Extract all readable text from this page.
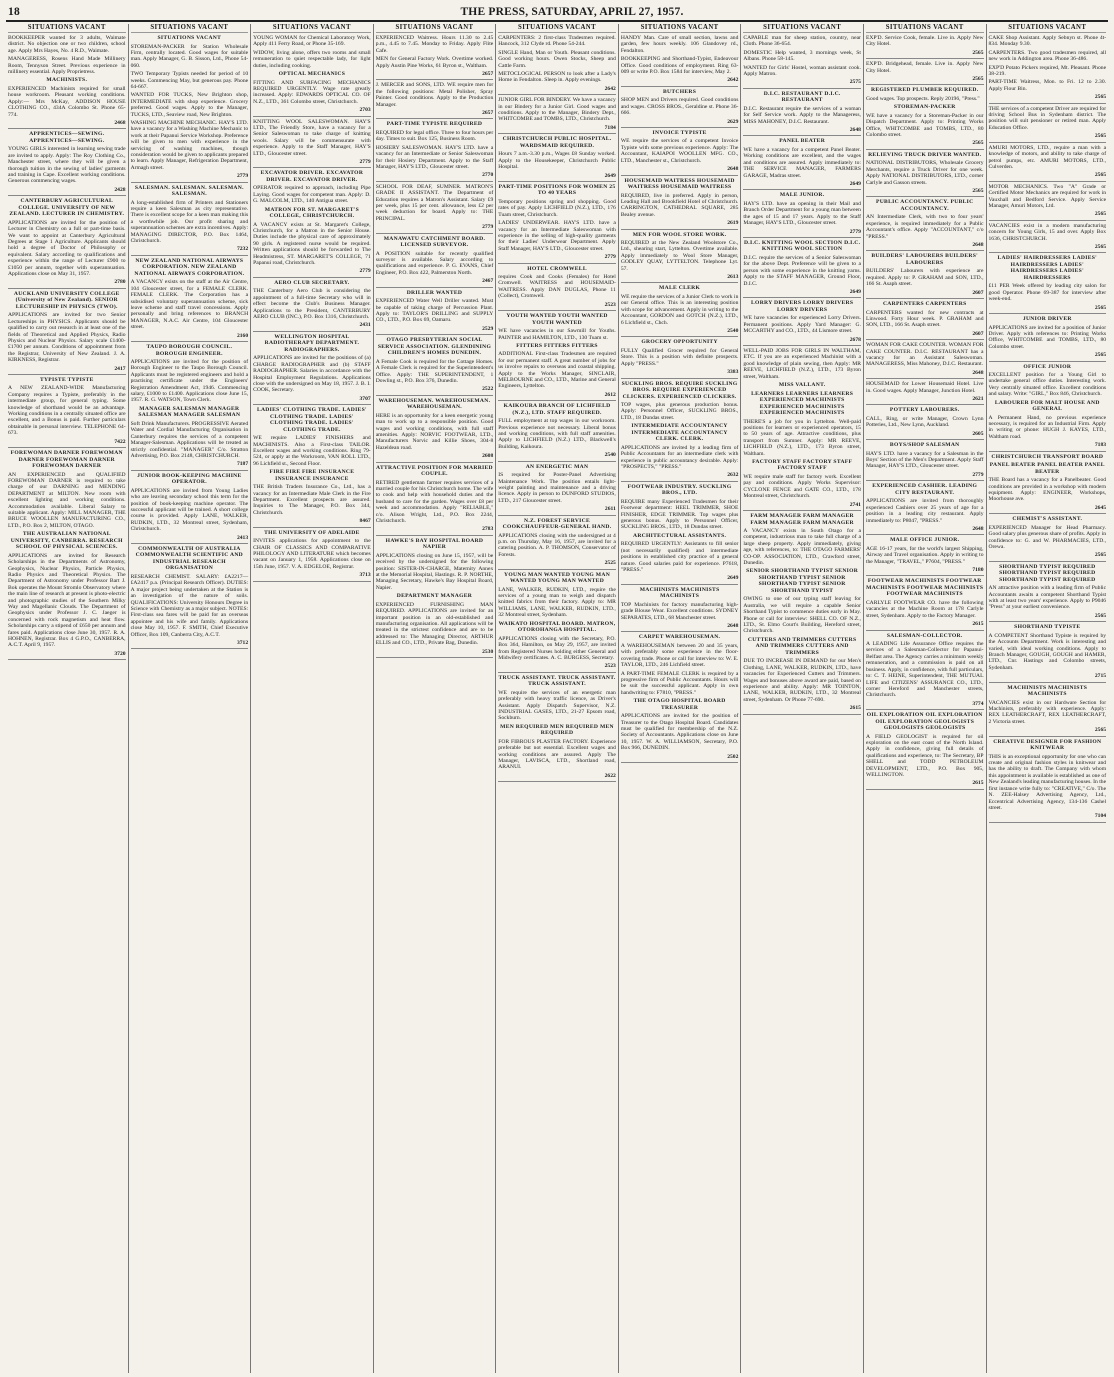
18	THE PRESS, SATURDAY, APRIL 27, 1957.
SITUATIONS VACANT
BOOKKEEPER wanted for 3 adults, Waimate district. No objection one or two children, school age. Apply Mrs Hayes, No. 4 R.D., Waimate.
MANAGERESS, Rosens Hand Made Millinery Room, Tennyson Street. Previous experience in millinery essential. Apply Proprietress.
MACHINISTS.
EXPERIENCED Machinists required for small house workroom. Pleasant working conditions. Apply:— Mrs McKay, ADDISON HOUSE CLOTHING CO., 434A Colombo St. Phone 65-774.
2468
APPRENTICES—SEWING. APPRENTICES—SEWING.
YOUNG GIRLS interested in learning sewing trade are invited to apply. Apply: The Roy Clothing Co., Manchester street, where they will be given a thorough tuition in the sewing of ladies' garments and training in Cape. Excellent working conditions. Generous commencing wages.
2428
CANTERBURY AGRICULTURAL COLLEGE. UNIVERSITY OF NEW ZEALAND. LECTURER IN CHEMISTRY.
APPLICATIONS are invited for the position of Lecturer in Chemistry on a full or part-time basis. We want to appoint at Canterbury Agricultural Degrees at Stage 1 Agriculture. Applicants should hold a degree of Doctor of Philosophy or equivalent. Salary according to qualifications and experience within the range of Lecturer £900 to £1050 per annum, together with superannuation. Applications close on May 31, 1957.
2780
AUCKLAND UNIVERSITY COLLEGE (University of New Zealand). SENIOR LECTURESHIP IN PHYSICS (TWO).
APPLICATIONS are invited for two Senior Lectureships in PHYSICS. Applicants should be qualified to carry out research in at least one of the fields of Theoretical and Applied Physics, Radio Physics and Nuclear Physics. Salary scale £1400-£1700 per annum. Conditions of appointment from the Registrar, University of New Zealand. J. A. KIRKNESS, Registrar.
2417
TYPISTE TYPISTE
A NEW ZEALAND-WIDE Manufacturing Company requires a Typiste, preferably in the intermediate group, for general typing. Some knowledge of shorthand would be an advantage. Working conditions in a centrally situated office are excellent, and a Bonus is paid. Further particulars obtainable in personal interview. TELEPHONE 64-673.
7422
FOREWOMAN DARNER FOREWOMAN DARNER FOREWOMAN DARNER FOREWOMAN DARNER
AN EXPERIENCED and QUALIFIED FOREWOMAN DARNER is required to take charge of our DARNING and MENDING DEPARTMENT at MILTON. New room with excellent lighting and working conditions. Accommodation available. Liberal Salary to suitable applicant. Apply: MILL MANAGER, THE BRUCE WOOLLEN MANUFACTURING CO., LTD., P.O. Box 2, MILTON, OTAGO.
THE AUSTRALIAN NATIONAL UNIVERSITY, CANBERRA. RESEARCH SCHOOL OF PHYSICAL SCIENCES.
APPLICATIONS are invited for Research Scholarships in the Departments of Astronomy, Geophysics, Nuclear Physics, Particle Physics, Radio Physics and Theoretical Physics. The Department of Astronomy under Professor Bart J. Bok operates the Mount Stromlo Observatory where the main line of research at present is photo-electric and photographic studies of the Southern Milky Way and Magellanic Clouds. The Department of Geophysics under Professor J. C. Jaeger is concerned with rock magnetism and heat flow. Scholarships carry a stipend of £650 per annum and fares paid. Applications close June 30, 1957. R. A. HOHNEN, Registrar. Box 4 G.P.O., CANBERRA, A.C.T. April 9, 1957.
3720
SITUATIONS VACANT
SITUATIONS VACANT
STOREMAN-PACKER for Station Wholesale Firm, centrally located. Good wages for suitable man. Apply Manager, G. B. Sisson, Ltd., Phone 54-060.
TWO Temporary Typists needed for period of 10 weeks. Commencing May, but generous pay. Phone 64-667.
WANTED FOR TUCKS, New Brighton shop, INTERMEDIATE with shop experience. Grocery preferred. Good wages. Apply to the Manager, TUCKS, LTD., Seaview road, New Brighton.
WASHING MACHINE MECHANIC. HAY'S LTD. have a vacancy for a Washing Machine Mechanic to work at their Papanui Service Workshop. Preference will be given to men with experience in the servicing of washing machines, though consideration would be given to applicants prepared to learn. Apply Manager, Refrigeration Department, Armagh street.
2779
SALESMAN. SALESMAN. SALESMAN. SALESMAN.
A long-established firm of Printers and Stationers require a keen Salesman as city representative. There is excellent scope for a keen man making this a worthwhile job. Our profit sharing and superannuation schemes are extra incentives. Apply: MANAGING DIRECTOR, P.O. Box 1464, Christchurch.
7232
NEW ZEALAND NATIONAL AIRWAYS CORPORATION. NEW ZEALAND NATIONAL AIRWAYS CORPORATION.
A VACANCY exists on the staff at the Air Centre, 104 Gloucester street, for a FEMALE CLERK. FEMALE CLERK. The Corporation has a subsidised voluntary superannuation scheme, sick leave scheme and staff travel concessions. Apply personally and bring references to BRANCH MANAGER, N.A.C. Air Centre, 104 Gloucester street.
2160
TAUPO BOROUGH COUNCIL. BOROUGH ENGINEER.
APPLICATIONS are invited for the position of Borough Engineer to the Taupo Borough Council. Applicants must be registered engineers and hold a practising certificate under the Engineers' Registration Amendment Act, 1946. Commencing salary, £1000 to £1400. Applications close June 15, 1957. R. G. WATSON, Town Clerk.
MANAGER SALESMAN MANAGER SALESMAN MANAGER SALESMAN
Soft Drink Manufacturers. PROGRESSIVE Aerated Water and Cordial Manufacturing Organisation in Canterbury requires the services of a competent Manager-Salesman. Applications will be treated as strictly confidential. "MANAGER" C/o. Stratton Advertising, P.O. Box 2148, CHRISTCHURCH.
7187
JUNIOR BOOK-KEEPING MACHINE OPERATOR.
APPLICATIONS are invited from Young Ladies who are leaving secondary school this term for the position of book-keeping machine operator. The successful applicant will be trained. A short college course is provided. Apply LANE, WALKER, RUDKIN, LTD., 32 Montreal street, Sydenham, Christchurch.
2413
COMMONWEALTH OF AUSTRALIA COMMONWEALTH SCIENTIFIC AND INDUSTRIAL RESEARCH ORGANISATION
RESEARCH CHEMIST. SALARY: £A2217—£A2417 p.a. (Principal Research Officer). DUTIES: A major project being undertaken at the Station is an investigation of the nature of soils. QUALIFICATIONS: University Honours Degree in Science with Chemistry as a major subject. NOTES: First-class sea fares will be paid for an overseas appointee and his wife and family. Applications close May 10, 1957. F. SMITH, Chief Executive Officer, Box 109, Canberra City, A.C.T.
3712
SITUATIONS VACANT
YOUNG WOMAN for Chemical Laboratory Work, Apply 411 Ferry Road, or Phone 35-169.
WIDOW, living alone, offers two rooms and small remuneration to quiet respectable lady, for light duties, including cooking.
OPTICAL MECHANICS
FITTING AND SURFACING MECHANICS REQUIRED URGENTLY. Wage rate greatly increased. Apply: EDWARDS OPTICAL CO. OF N.Z., LTD., 361 Colombo street, Christchurch.
2703
KNITTING WOOL SALESWOMAN. HAY'S LTD., The Friendly Store, have a vacancy for a Senior Saleswoman to take charge of knitting wools. Salary will be commensurate with experience. Apply to the Staff Manager, HAY'S LTD., Gloucester street.
2779
EXCAVATOR DRIVER. EXCAVATOR DRIVER. EXCAVATOR DRIVER.
OPERATOR required to approach, including Pipe Laying. Good wages for competent man. Apply: D. G. MALCOLM, LTD., 140 Antigua street.
MATRON FOR ST. MARGARET'S COLLEGE, CHRISTCHURCH.
A VACANCY exists at St. Margaret's College, Christchurch, for a Matron in the Senior House. Duties include the physical care of approximately 90 girls. A registered nurse would be required. Written applications should be forwarded to The Headmistress, ST. MARGARET'S COLLEGE, 71 Papanui road, Christchurch.
2779
AERO CLUB SECRETARY.
THE Canterbury Aero Club is considering the appointment of a full-time Secretary who will in effect become the Club's Business Manager. Applications to the President, CANTERBURY AERO CLUB (INC.), P.O. Box 1316, Christchurch.
2431
WELLINGTON HOSPITAL RADIOTHERAPY DEPARTMENT. RADIOGRAPHERS.
APPLICATIONS are invited for the positions of (a) CHARGE RADIOGRAPHER and (b) STAFF RADIOGRAPHER. Salaries in accordance with the Hospital Employment Regulations. Applications close with the undersigned on May 18, 1957. J. B. I. COOK, Secretary.
3707
LADIES' CLOTHING TRADE. LADIES' CLOTHING TRADE. LADIES' CLOTHING TRADE. LADIES' CLOTHING TRADE.
WE require LADIES' FINISHERS and MACHINISTS. Also a First-class TAILOR. Excellent wages and working conditions. Ring 79-524, or apply at the Workroom, VAN ROLL LTD., 96 Lichfield st., Second Floor.
FIRE FIRE FIRE INSURANCE INSURANCE INSURANCE
THE British Traders Insurance Co., Ltd., has a vacancy for an Intermediate Male Clerk in the Fire Department. Excellent prospects are assured. Inquiries to The Manager, P.O. Box 344, Christchurch.
8467
THE UNIVERSITY OF ADELAIDE
INVITES applications for appointment to the CHAIR OF CLASSICS AND COMPARATIVE PHILOLOGY AND LITERATURE which becomes vacant on January 1, 1958. Applications close on 15th June, 1957. V. A. EDGELOE, Registrar.
3713
SITUATIONS VACANT
EXPERIENCED Waitress. Hours 11.30 to 2.45 p.m., 4.45 to 7.45. Monday to Friday. Apply Flite Cafe.
MEN for General Factory Work. Overtime worked. Apply Austin Pine Works, 61 Byron st., Waltham.
2657
J. MERCER and SONS, LTD. WE require men for the following positions: Metal Polisher, Spray Painter. Good conditions. Apply to the Production Manager.
2657
PART-TIME TYPISTE REQUIRED
REQUIRED for legal office. Three to four hours per day. Times to suit. Box 125, Business Room.
HOSIERY SALESWOMAN. HAY'S LTD. have a vacancy for an Intermediate or Senior Saleswoman for their Hosiery Department. Apply to the Staff Manager, HAY'S LTD., Gloucester street.
2770
SCHOOL FOR DEAF, SUMNER. MATRON'S GRADE II ASSISTANT. The Department of Education requires a Matron's Assistant. Salary £9 per week, plus 15 per cent. allowance, less £2 per week deduction for board. Apply to: THE PRINCIPAL.
2779
MANAWATU CATCHMENT BOARD. LICENSED SURVEYOR.
A POSITION suitable for recently qualified surveyor is available. Salary according to qualifications and experience. P. G. EVANS, Chief Engineer, P.O. Box 422, Palmerston North.
2467
DRILLER WANTED
EXPERIENCED Water Well Driller wanted. Must be capable of taking charge of Percussion Plant. Apply to: TAYLOR'S DRILLING and SUPPLY CO., LTD., P.O. Box 69, Oamaru.
2529
OTAGO PRESBYTERIAN SOCIAL SERVICE ASSOCIATION. GLENDINING CHILDREN'S HOMES DUNEDIN.
A Female Cook is required for the Cottage Homes. A Female Clerk is required for the Superintendent's Office. Apply: THE SUPERINTENDENT, 1 Dowling st., P.O. Box 376, Dunedin.
2522
WAREHOUSEMAN. WAREHOUSEMAN. WAREHOUSEMAN.
HERE is an opportunity for a keen energetic young man to work up to a responsible position. Good wages and working conditions, with full staff amenities. Apply: NORVIC FOOTWEAR, LTD., Manufacturers Norvic and Killie Shoes, 304-8 Hazeldean road.
2608
ATTRACTIVE POSITION FOR MARRIED COUPLE.
RETIRED gentleman farmer requires services of a married couple for his Christchurch home. The wife to cook and help with household duties and the husband to care for the garden. Wages over £8 per week and accommodation. Apply "RELIABLE," c/o. Alison Wright, Ltd., P.O. Box 2244, Christchurch.
2783
HAWKE'S BAY HOSPITAL BOARD NAPIER
APPLICATIONS closing on June 15, 1957, will be received by the undersigned for the following position: SISTER-IN-CHARGE, Maternity Annex at the Memorial Hospital, Hastings. R. P. NORTHE, Managing Secretary, Hawke's Bay Hospital Board, Napier.
DEPARTMENT MANAGER
EXPERIENCED FURNISHING MAN REQUIRED. APPLICATIONS are invited for an important position in an old-established and manufacturing organisation. All applications will be treated in the strictest confidence and are to be addressed to: The Managing Director, ARTHUR ELLIS and CO., LTD., Private Bag, Dunedin.
2530
SITUATIONS VACANT
CARPENTERS: 2 first-class Tradesmen required. Hancock, 312 Clyde rd. Phone 54-244.
SINGLE Hand, Man or Youth. Pleasant conditions. Good working hours. Owen Stocks, Sheep and Cattle Farm.
METOCLOGICAL PERSON to look after a Lady's Home in Fendalton. Sleep in. Apply evenings.
2642
JUNIOR GIRL FOR BINDERY. We have a vacancy in our Bindery for a Junior Girl. Good wages and conditions. Apply to the Manager, Bindery Dept., WHITCOMBE and TOMBS, LTD., Christchurch.
7184
CHRISTCHURCH PUBLIC HOSPITAL. WARDSMAID REQUIRED.
Hours 7 a.m.-3.30 p.m., Wages £8 Sunday worked. Apply to the Housekeeper, Christchurch Public Hospital.
2649
PART-TIME POSITIONS FOR WOMEN 25 TO 40 YEARS
Temporary positions spring and shopping. Good rates of pay. Apply LICHFIELD (N.Z.), LTD., 176 Tuam street, Christchurch.
LADIES' UNDERWEAR. HAY'S LTD. have a vacancy for an Intermediate Saleswoman with experience in the selling of high-quality garments for their Ladies' Underwear Department. Apply Staff Manager, HAY'S LTD., Gloucester street.
2779
HOTEL CROMWELL
requires Cook and Cooks (Females) for Hotel Cromwell. WAITRESS and HOUSEMAID-WAITRESS. Apply DAN DUGLAS, Phone 11 (Collect), Cromwell.
2523
YOUTH WANTED YOUTH WANTED YOUTH WANTED
WE have vacancies in our Sawmill for Youths. PAINTER and HAMILTON, LTD., 130 Tuam st.
FITTERS FITTERS FITTERS
ADDITIONAL First-class Tradesmen are required for our permanent staff. A great number of jobs for us involve repairs to overseas and coastal shipping. Apply to the Works Manager, SINCLAIR, MELBOURNE and CO., LTD., Marine and General Engineers, Lyttelton.
2612
KAIKOURA BRANCH OF LICHFIELD (N.Z.), LTD. STAFF REQUIRED.
FULL employment at top wages in our workroom. Previous experience not necessary. Liberal bonus and working conditions, with full staff amenities. Apply to LICHFIELD (N.Z.) LTD., Blackwell's Building, Kaikoura.
2540
AN ENERGETIC MAN
IS required for Poster-Panel Advertising Maintenance Work. The position entails light-weight painting and maintenance and a driving licence. Apply in person to DUNFORD STUDIOS, LTD., 217 Gloucester street.
2611
N.Z. FOREST SERVICE COOKCHAUFFEUR-GENERAL HAND.
APPLICATIONS closing with the undersigned at 4 p.m. on Thursday, May 16, 1957, are invited for a catering position. A. P. THOMSON, Conservator of Forests.
2525
YOUNG MAN WANTED YOUNG MAN WANTED YOUNG MAN WANTED
LANE, WALKER, RUDKIN, LTD., require the services of a young man to weigh and dispatch knitted fabrics from their factory. Apply to: MR WILLIAMS, LANE, WALKER, RUDKIN, LTD., 32 Montreal street, Sydenham.
WAIKATO HOSPITAL BOARD. MATRON, OTOROHANGA HOSPITAL.
APPLICATIONS closing with the Secretary, P.O. Box 364, Hamilton, on May 29, 1957, are invited from Registered Nurses holding either General and Midwifery certificates. A. C. BURGESS, Secretary.
2523
TRUCK ASSISTANT. TRUCK ASSISTANT. TRUCK ASSISTANT.
WE require the services of an energetic man preferably with heavy traffic licence, as Driver's Assistant. Apply Dispatch Supervisor, N.Z. INDUSTRIAL GASES, LTD., 21-27 Epsom road, Sockburn.
MEN REQUIRED MEN REQUIRED MEN REQUIRED
FOR FIBROUS PLASTER FACTORY. Experience preferable but not essential. Excellent wages and working conditions are assured. Apply The Manager, LAVISCA, LTD., Shortland road, ARANUI.
2622
SITUATIONS VACANT
HANDY Man. Care of small section, lawns and garden, few hours weekly. 106 Glandovey rd., Fendalton.
BOOKKEEPING and Shorthand-Typist, Endeavour Office. Good conditions of employment. Ring 63-009 or write P.O. Box 1584 for interview, May 2.
2642
BUTCHERS
SHOP MEN and Drivers required. Good conditions and wages. CROSS BROS., Geraldine st. Phone 36-666.
2629
INVOICE TYPISTE
WE require the services of a competent Invoice Typiste with some previous experience. Apply: The Accountant, KAIAPOI WOOLLEN MFG. CO., LTD., Manchester st., Christchurch.
2648
HOUSEMAID WAITRESS HOUSEMAID WAITRESS HOUSEMAID WAITRESS
REQUIRED, live in preferred. Apply in person, Leading Hall and Brookfield Hotel of Christchurch. CARRINGTON, CATHEDRAL SQUARE, 285 Bealey avenue.
2619
MEN FOR WOOL STORE WORK.
REQUIRED at the New Zealand Woolstore Co., Ltd., shearing start, Lyttelton. Overtime available. Apply immediately to Wool Store Manager, GODLEY QUAY, LYTTELTON. Telephone Lyt. 57.
2613
MALE CLERK
WE require the services of a Junior Clerk to work in our General office. This is an interesting position with scope for advancement. Apply in writing to the Accountant, GORDON and GOTCH (N.Z.), LTD., 6 Lichfield st., Chch.
2540
GROCERY OPPORTUNITY
FULLY Qualified Grocer required for General Store. This is a position with definite prospects. Apply "PRESS."
3383
SUCKLING BROS. REQUIRE SUCKLING BROS. REQUIRE EXPERIENCED CLICKERS. EXPERIENCED CLICKERS.
TOP wages, plus generous production bonus. Apply: Personnel Officer, SUCKLING BROS., LTD., 18 Dundas street.
INTERMEDIATE ACCOUNTANCY INTERMEDIATE ACCOUNTANCY CLERK. CLERK.
APPLICATIONS are invited by a leading firm of Public Accountants for an intermediate clerk with experience in public accountancy desirable. Apply: "PROSPECTS," "PRESS."
2632
FOOTWEAR INDUSTRY. SUCKLING BROS., LTD.
REQUIRE many Experienced Tradesmen for their Footwear department: HEEL TRIMMER, SHOE FINISHER, EDGE TRIMMER. Top wages plus generous bonus. Apply to Personnel Officer, SUCKLING BROS., LTD., 18 Dundas street.
ARCHITECTURAL ASSISTANTS.
REQUIRED URGENTLY: Assistants to fill senior (not necessarily qualified) and intermediate positions in established city practice of a general nature. Good salaries paid for experience. P7618, "PRESS."
2649
MACHINISTS MACHINISTS MACHINISTS
TOP Machinists for factory manufacturing high-grade Blouse Wear. Excellent conditions. SYDNEY SEPARATES, LTD., 68 Manchester street.
2648
CARPET WAREHOUSEMAN.
A WAREHOUSEMAN between 20 and 35 years, with preferably some experience in the floor-covering trade. Phone or call for interview to: W. E. TAYLOR, LTD., 246 Lichfield street.
A PART-TIME FEMALE CLERK is required by a progressive firm of Public Accountants. Hours will be suit the successful applicant. Apply in own handwriting to: F7810, "PRESS."
THE OTAGO HOSPITAL BOARD TREASURER
APPLICATIONS are invited for the position of Treasurer to the Otago Hospital Board. Candidates must be qualified for membership of the N.Z. Society of Accountants. Applications close on June 10, 1957. W. A. WILLIAMSON, Secretary, P.O. Box 966, DUNEDIN.
2502
SITUATIONS VACANT
CAPABLE man for sheep station, country, near Cloth. Phone 36-654.
DOMESTIC Help wanted, 3 mornings week, St Albans. Phone 58-145.
WANTED for Girls' Hostel, woman assistant cook. Apply Matron.
2575
D.I.C. RESTAURANT D.I.C. RESTAURANT
D.I.C. Restaurant require the services of a woman for Self Service work. Apply to the Manageress, MISS MAHONEY, D.I.C. Restaurant.
2648
PANEL BEATER
WE have a vacancy for a competent Panel Beater. Working conditions are excellent, and the wages and conditions are assured. Apply immediately to: THE SERVICE MANAGER, FARMERS GARAGE, Madras street.
2649
MALE JUNIOR.
HAY'S LTD. have an opening in their Mail and Branch Order Department for a young man between the ages of 15 and 17 years. Apply to the Staff Manager, HAY'S LTD., Gloucester street.
2779
D.I.C. KNITTING WOOL SECTION D.I.C. KNITTING WOOL SECTION
D.I.C. require the services of a Senior Saleswoman for the above Dept. Preference will be given to a person with some experience in the knitting yarns. Apply to the STAFF MANAGER, Ground Floor, D.I.C.
2649
LORRY DRIVERS LORRY DRIVERS LORRY DRIVERS
WE have vacancies for experienced Lorry Drivers. Permanent positions. Apply Yard Manager: G. MCCARTHY and CO., LTD., 44 Lismore street.
2678
WELL-PAID JOBS FOR GIRLS IN WALTHAM, ETC. If you are an experienced Machinist with a good knowledge of plain sewing, then Apply: MR REEVE, LICHFIELD (N.Z.), LTD., 173 Byron street, Waltham.
MISS VALLANT.
LEARNERS LEARNERS LEARNERS EXPERIENCED MACHINISTS EXPERIENCED MACHINISTS EXPERIENCED MACHINISTS
THERE'S a job for you in Lyttelton. Well-paid positions for learners or experienced operators, 15 to 50 years of age. Attractive conditions, plus transport from Sumner. Apply: MR REEVE, LICHFIELD (N.Z.), LTD., 173 Byron street, Waltham.
FACTORY STAFF FACTORY STAFF FACTORY STAFF
WE require male staff for factory work. Excellent pay and conditions. Apply Works Supervisor: CYCLONE FENCE and GATE CO., LTD., 178 Montreal street, Christchurch.
2741
FARM MANAGER FARM MANAGER FARM MANAGER FARM MANAGER
A VACANCY exists in South Otago for a competent, industrious man to take full charge of a large sheep property. Apply immediately, giving age, with references, to: THE OTAGO FARMERS' CO-OP. ASSOCIATION, LTD., Crawford street, Dunedin.
SENIOR SHORTHAND TYPIST SENIOR SHORTHAND TYPIST SENIOR SHORTHAND TYPIST SENIOR SHORTHAND TYPIST
OWING to one of our typing staff leaving for Australia, we will require a capable Senior Shorthand Typist to commence duties early in May. Phone or call for interview: SHELL CO. OF N.Z., LTD., St. Elmo Court's Building, Hereford street, Christchurch.
CUTTERS AND TRIMMERS CUTTERS AND TRIMMERS CUTTERS AND TRIMMERS
DUE TO INCREASE IN DEMAND for our Men's Clothing, LANE, WALKER, RUDKIN, LTD., have vacancies for Experienced Cutters and Trimmers. Wages and bonuses above award are paid, based on experience and ability. Apply: MR TOINTON, LANE, WALKER, RUDKIN, LTD., 32 Montreal street, Sydenham. Or Phone 77-690.
2615
SITUATIONS VACANT
EXP'D. Service Cook, female. Live in. Apply New City Hotel.
2565
EXP'D. Bridgehead, female. Live in. Apply New City Hotel.
2565
REGISTERED PLUMBER REQUIRED.
Good wages. Top prospects. Reply 20196, "Press."
STOREMAN-PACKER
WE have a vacancy for a Storeman-Packer in our Dispatch Department. Apply to: Printing Works Office, WHITCOMBE and TOMBS, LTD., 80 Colombo street.
2565
RELIEVING TRUCK DRIVER WANTED.
NATIONAL DISTRIBUTORS, Wholesale Grocery Merchants, require a Truck Driver for one week. Apply NATIONAL DISTRIBUTORS, LTD., corner Carlyle and Gasson streets.
2565
PUBLIC ACCOUNTANCY. PUBLIC ACCOUNTANCY.
AN Intermediate Clerk, with two to four years' experience, is required immediately for a Public Accountant's office. Apply "ACCOUNTANT," c/o "PRESS."
2648
BUILDERS' LABOURERS BUILDERS' LABOURERS
BUILDERS' Labourers with experience are required. Apply to: P. GRAHAM and SON, LTD., 166 St. Asaph street.
2607
CARPENTERS CARPENTERS
CARPENTERS wanted for new contracts at Linwood. Forty Hour week. P. GRAHAM and SON, LTD., 166 St. Asaph street.
2607
WOMAN FOR CAKE COUNTER. WOMAN FOR CAKE COUNTER. D.I.C. RESTAURANT has a vacancy for an Assistant Saleswoman. MANAGERESS, Miss Mahoney, D.I.C. Restaurant.
2648
HOUSEMAID for Lower Housemaid Hotel. Live in. Good wages. Apply Manager, Junction Hotel.
2621
POTTERY LABOURERS.
CALL, Ring, or write Manager, Crown Lynn Potteries, Ltd., New Lynn, Auckland.
2605
BOYS/SHOP SALESMAN
HAY'S LTD. have a vacancy for a Salesman in the Boys' Section of the Men's Department. Apply Staff Manager, HAY'S LTD., Gloucester street.
2779
EXPERIENCED CASHIER. LEADING CITY RESTAURANT.
APPLICATIONS are invited from thoroughly experienced Cashiers over 25 years of age for a position in a leading city restaurant. Apply immediately to: P8047, "PRESS."
2648
MALE OFFICE JUNIOR.
AGE 16-17 years, for the world's largest Shipping, Airway and Travel organisation. Apply in writing to the Manager, "TRAVEL," P7604, "PRESS."
7180
FOOTWEAR MACHINISTS FOOTWEAR MACHINISTS FOOTWEAR MACHINISTS FOOTWEAR MACHINISTS
CARLYLE FOOTWEAR CO. have the following vacancies at the Machine Room at 178 Carlyle street, Sydenham. Apply to the Factory Manager.
2615
SALESMAN-COLLECTOR.
A LEADING Life Assurance Office requires the services of a Salesman-Collector for Papanui-Belfast area. The Agency carries a minimum weekly remuneration, and a commission is paid on all business. Apply, in confidence, with full particulars, to: C. T. HEINE, Superintendent, THE MUTUAL LIFE and CITIZENS' ASSURANCE CO., LTD., corner Hereford and Manchester streets, Christchurch.
3774
OIL EXPLORATION OIL EXPLORATION OIL EXPLORATION GEOLOGISTS GEOLOGISTS GEOLOGISTS
A FIELD GEOLOGIST is required for oil exploration on the east coast of the North Island. Apply in confidence, giving full details of qualifications and experience, to: The Secretary, BP SHELL and TODD PETROLEUM DEVELOPMENT, LTD., P.O. Box 905, WELLINGTON.
2615
SITUATIONS VACANT
CAKE Shop Assistant. Apply Sebnyn st. Phone 4t-834. Monday 9.30.
CARPENTERS. Two good tradesmen required, all new work in Addington area. Phone 36-486.
EXP'D Potato Pickers required, Mt. Pleasant. Phone 38-219.
PART-TIME Waitress, Mon. to Fri. 12 to 2.30. Apply Flour Bin.
2565
THE services of a competent Driver are required for driving School Bus in Sydenham district. The position will suit pensioner or retired man. Apply Education Office.
2565
AMURI MOTORS, LTD., require a man with a knowledge of motors, and ability to take charge of petrol pumps, etc. AMURI MOTORS, LTD., Culverden.
2565
MOTOR MECHANICS. Two "A" Grade or Certified Motor Mechanics are required for work in Vauxhall and Bedford Service. Apply Service Manager, Amuri Motors, Ltd.
2565
VACANCIES exist in a modern manufacturing concern for Young Girls, 15 and over. Apply Box 1636, CHRISTCHURCH.
2565
LADIES' HAIRDRESSERS LADIES' HAIRDRESSERS LADIES' HAIRDRESSERS LADIES' HAIRDRESSERS
£11 PER Week offered by leading city salon for good Operator. Phone 69-387 for interview after week-end.
2565
JUNIOR DRIVER
APPLICATIONS are invited for a position of Junior Driver. Apply with references to: Printing Works Office, WHITCOMBE and TOMBS, LTD., 80 Colombo street.
2565
OFFICE JUNIOR
EXCELLENT position for a Young Girl to undertake general office duties. Interesting work. Very centrally situated office. Excellent conditions and salary. Write: "GIRL," Box 846, Christchurch.
LABOURER FOR MALT HOUSE AND GENERAL
A Permanent Hand, no previous experience necessary, is required for an Industrial Firm. Apply in writing or phone: HUGH J. KAYES, LTD., Waltham road.
7183
CHRISTCHURCH TRANSPORT BOARD
PANEL BEATER PANEL BEATER PANEL BEATER
THE Board has a vacancy for a Panelbeater. Good conditions are provided in a workshop with modern equipment. Apply: ENGINEER, Workshops, Moorhouse ave.
2645
CHEMIST'S ASSISTANT.
EXPERIENCED Manager for Head Pharmacy. Good salary plus generous share of profits. Apply in confidence to: G. and W. PHARMACIES, LTD., Orewa.
2565
SHORTHAND TYPIST REQUIRED SHORTHAND TYPIST REQUIRED SHORTHAND TYPIST REQUIRED
AN attractive position with a leading firm of Public Accountants awaits a competent Shorthand Typist with at least two years' experience. Apply to P9046 "Press" at your earliest convenience.
2565
SHORTHAND TYPISTE
A COMPETENT Shorthand Typiste is required by the Accounts Department. Work is interesting and varied, with ideal working conditions. Apply to Branch Manager, GOUGH, GOUGH and HAMER, LTD., Cnr. Hastings and Colombo streets, Sydenham.
2715
MACHINISTS MACHINISTS MACHINISTS
VACANCIES exist in our Hardware Section for Machinists, preferably with experience. Apply: REX LEATHERCRAFT, REX LEATHERCRAFT, 2 Victoria street.
2565
CREATIVE DESIGNER FOR FASHION KNITWEAR
THIS is an exceptional opportunity for one who can create and original fashion styles in knitwear and has the ability to draft. The Company with whom this appointment is available is established as one of New Zealand's leading manufacturing houses. In the first instance write fully to: "CREATIVE," C/o. The N. ZEE-Halsey Advertising Agency, Ltd., Eccentrical Advertising Agency, 134-136 Cashel street.
7104
